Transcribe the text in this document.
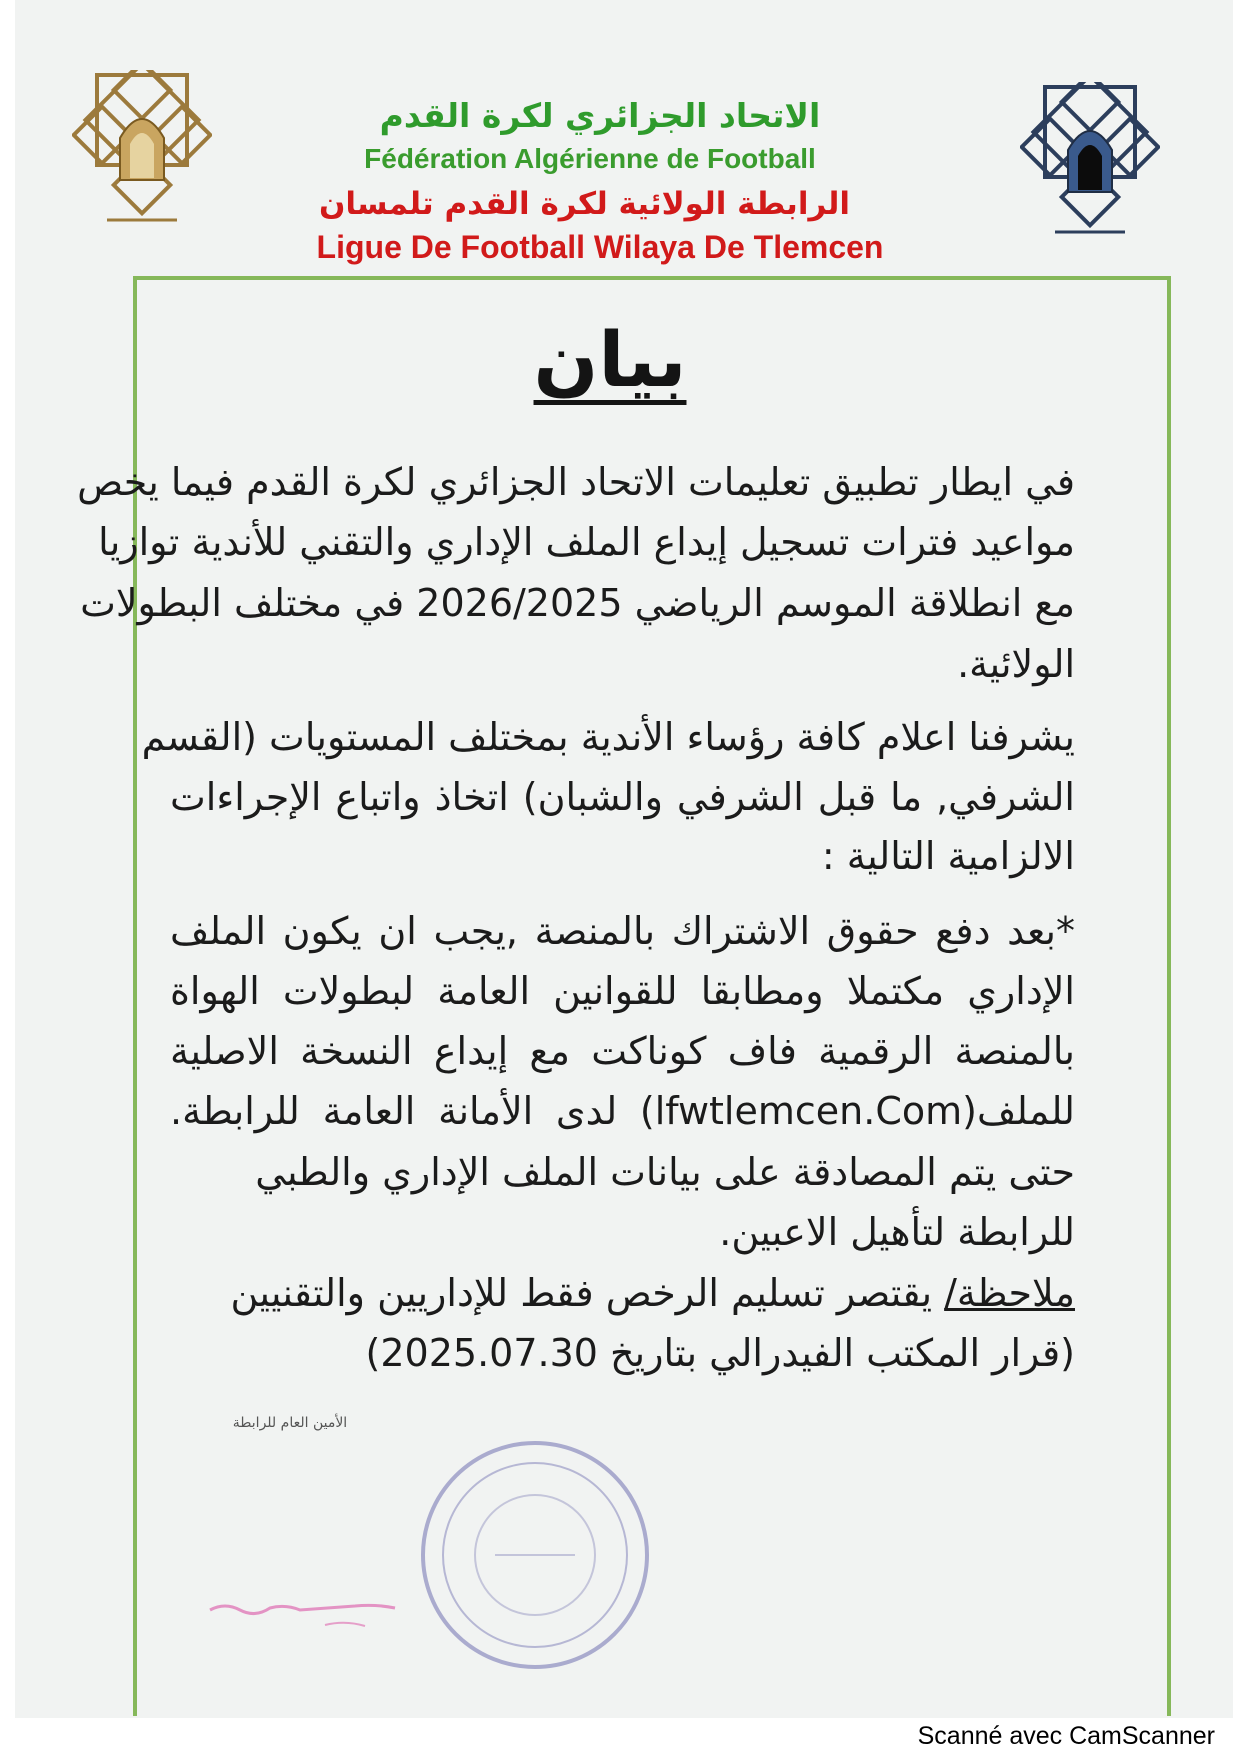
الاتحاد الجزائري لكرة القدم
Fédération Algérienne de Football
الرابطة الولائية لكرة القدم تلمسان
Ligue De Football Wilaya De Tlemcen
بيان
في ايطار تطبيق تعليمات الاتحاد الجزائري لكرة القدم فيما يخص
مواعيد فترات تسجيل إيداع الملف الإداري والتقني للأندية توازيا
مع انطلاقة الموسم الرياضي 2026/2025 في مختلف البطولات
الولائية.
يشرفنا اعلام كافة رؤساء الأندية بمختلف المستويات (القسم
الشرفي, ما قبل الشرفي والشبان) اتخاذ واتباع الإجراءات
الالزامية التالية :
*بعد دفع حقوق الاشتراك بالمنصة ,يجب ان يكون الملف
الإداري مكتملا ومطابقا للقوانين العامة لبطولات الهواة
بالمنصة الرقمية فاف كوناكت مع إيداع النسخة الاصلية
للملف(lfwtlemcen.Com) لدى الأمانة العامة للرابطة.
حتى يتم المصادقة على بيانات الملف الإداري والطبي
للرابطة لتأهيل الاعبين.
ملاحظة/ يقتصر تسليم الرخص فقط للإداريين والتقنيين
(قرار المكتب الفيدرالي بتاريخ 2025.07.30)
الأمين العام للرابطة
Scanné avec CamScanner
